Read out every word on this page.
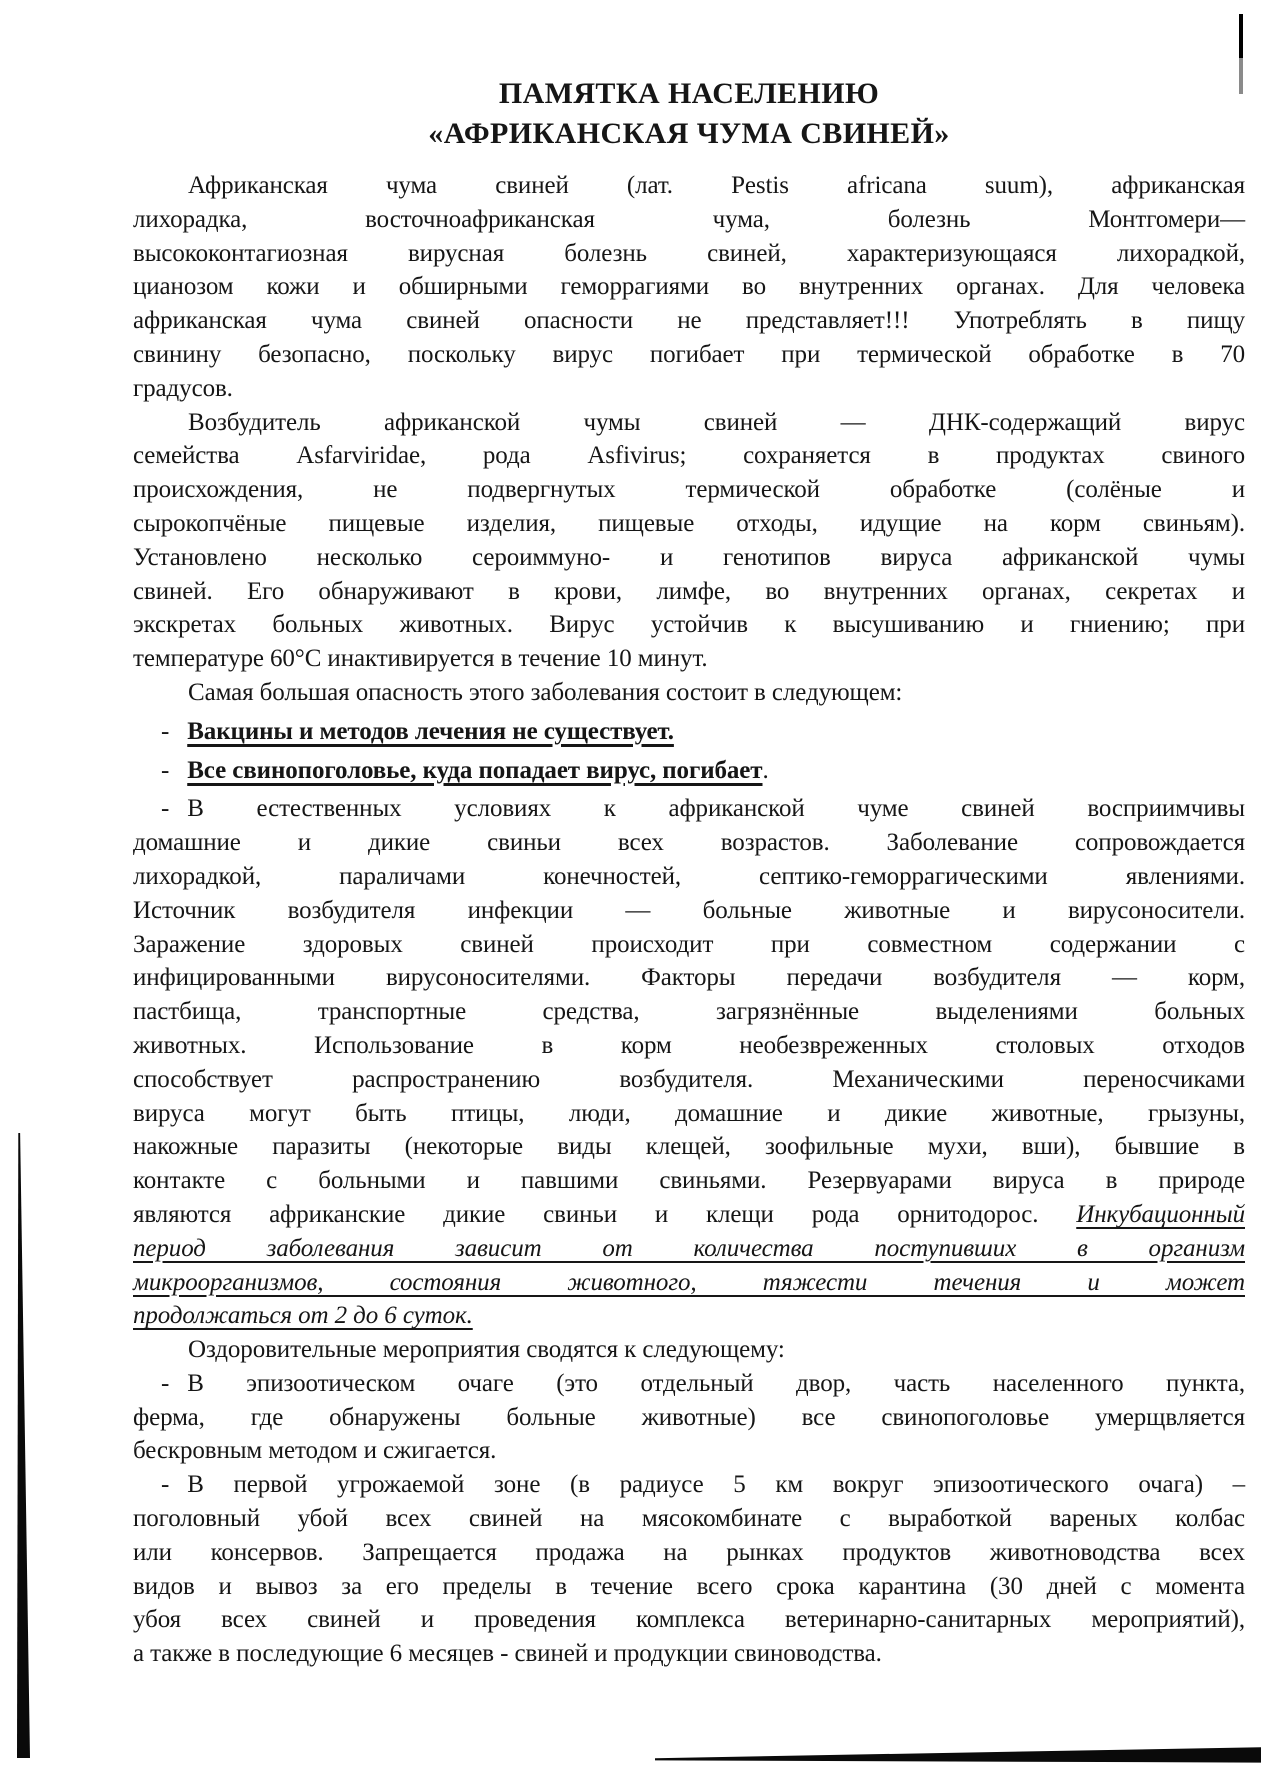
ПАМЯТКА НАСЕЛЕНИЮ
«АФРИКАНСКАЯ ЧУМА СВИНЕЙ»
Африканская чума свиней (лат. Pestis africana suum), африканская
лихорадка, восточноафриканская чума, болезнь Монтгомери—
высококонтагиозная вирусная болезнь свиней, характеризующаяся лихорадкой,
цианозом кожи и обширными геморрагиями во внутренних органах. Для человека
африканская чума свиней опасности не представляет!!! Употреблять в пищу
свинину безопасно, поскольку вирус погибает при термической обработке в 70
градусов.
Возбудитель африканской чумы свиней — ДНК-содержащий вирус
семейства Asfarviridae, рода Asfivirus; сохраняется в продуктах свиного
происхождения, не подвергнутых термической обработке (солёные и
сырокопчёные пищевые изделия, пищевые отходы, идущие на корм свиньям).
Установлено несколько сероиммуно- и генотипов вируса африканской чумы
свиней. Его обнаруживают в крови, лимфе, во внутренних органах, секретах и
экскретах больных животных. Вирус устойчив к высушиванию и гниению; при
температуре 60°С инактивируется в течение 10 минут.
Самая большая опасность этого заболевания состоит в следующем:
- Вакцины и методов лечения не существует.
- Все свинопоголовье, куда попадает вирус, погибает.
- В естественных условиях к африканской чуме свиней восприимчивы
домашние и дикие свиньи всех возрастов. Заболевание сопровождается
лихорадкой, параличами конечностей, септико-геморрагическими явлениями.
Источник возбудителя инфекции — больные животные и вирусоносители.
Заражение здоровых свиней происходит при совместном содержании с
инфицированными вирусоносителями. Факторы передачи возбудителя — корм,
пастбища, транспортные средства, загрязнённые выделениями больных
животных. Использование в корм необезвреженных столовых отходов
способствует распространению возбудителя. Механическими переносчиками
вируса могут быть птицы, люди, домашние и дикие животные, грызуны,
накожные паразиты (некоторые виды клещей, зоофильные мухи, вши), бывшие в
контакте с больными и павшими свиньями. Резервуарами вируса в природе
являются африканские дикие свиньи и клещи рода орнитодорос. Инкубационный
период заболевания зависит от количества поступивших в организм
микроорганизмов, состояния животного, тяжести течения и может
продолжаться от 2 до 6 суток.
Оздоровительные мероприятия сводятся к следующему:
- В эпизоотическом очаге (это отдельный двор, часть населенного пункта,
ферма, где обнаружены больные животные) все свинопоголовье умерщвляется
бескровным методом и сжигается.
- В первой угрожаемой зоне (в радиусе 5 км вокруг эпизоотического очага) –
поголовный убой всех свиней на мясокомбинате с выработкой вареных колбас
или консервов. Запрещается продажа на рынках продуктов животноводства всех
видов и вывоз за его пределы в течение всего срока карантина (30 дней с момента
убоя всех свиней и проведения комплекса ветеринарно-санитарных мероприятий),
а также в последующие 6 месяцев - свиней и продукции свиноводства.
